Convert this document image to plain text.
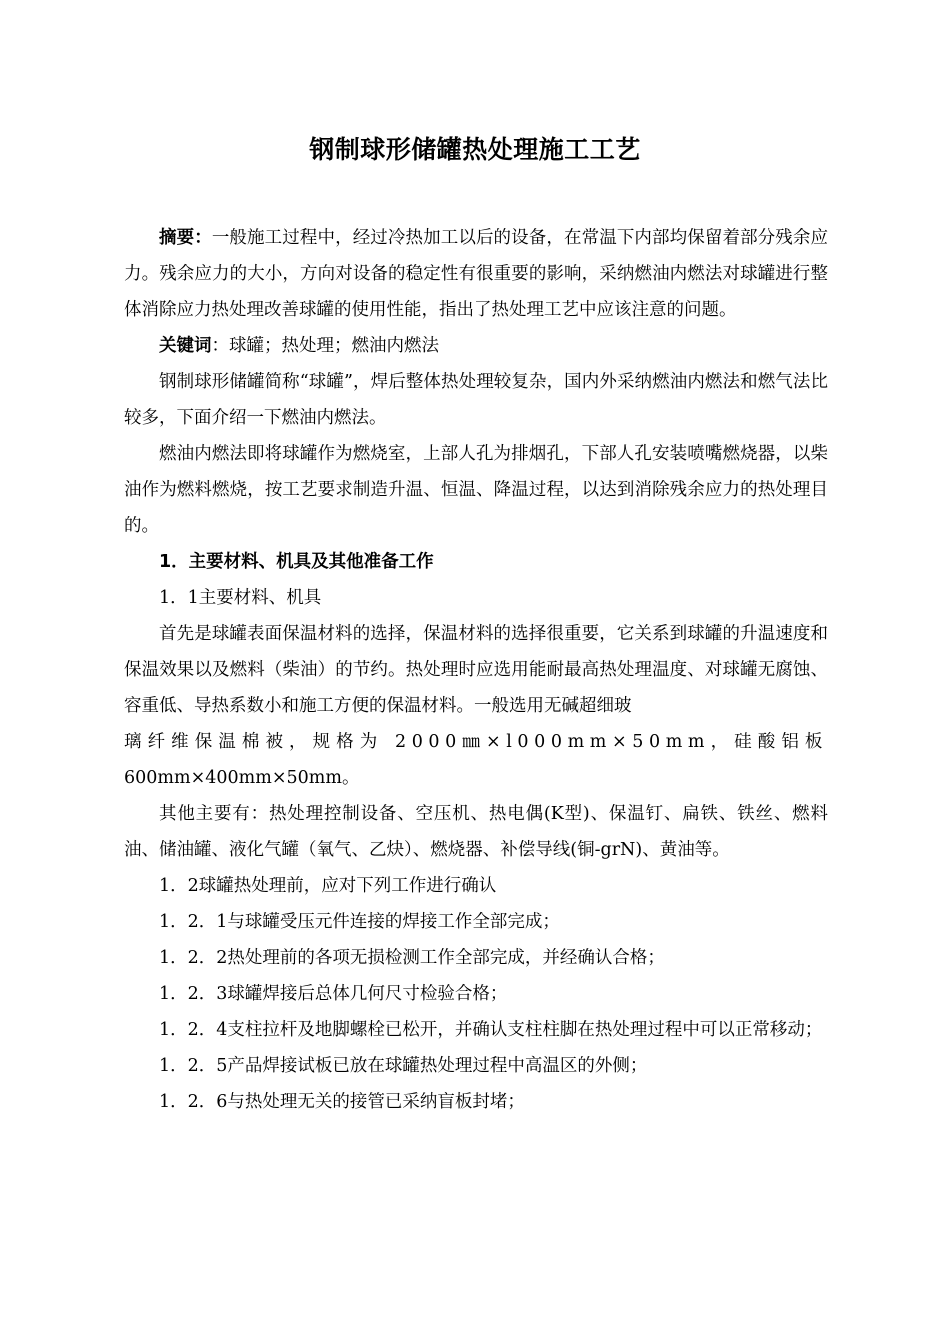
钢制球形储罐热处理施工工艺

摘要：一般施工过程中，经过冷热加工以后的设备，在常温下内部均保留着部分残余应力。残余应力的大小，方向对设备的稳定性有很重要的影响，采纳燃油内燃法对球罐进行整体消除应力热处理改善球罐的使用性能，指出了热处理工艺中应该注意的问题。

关键词：球罐；热处理；燃油内燃法

钢制球形储罐简称“球罐”，焊后整体热处理较复杂，国内外采纳燃油内燃法和燃气法比较多，下面介绍一下燃油内燃法。

燃油内燃法即将球罐作为燃烧室，上部人孔为排烟孔，下部人孔安装喷嘴燃烧器，以柴油作为燃料燃烧，按工艺要求制造升温、恒温、降温过程，以达到消除残余应力的热处理目的。

1．主要材料、机具及其他准备工作

1．1主要材料、机具

首先是球罐表面保温材料的选择，保温材料的选择很重要，它关系到球罐的升温速度和保温效果以及燃料（柴油）的节约。热处理时应选用能耐最高热处理温度、对球罐无腐蚀、容重低、导热系数小和施工方便的保温材料。一般选用无碱超细玻

璃纤维保温棉被，规格为 2000㎜×l000mm×50mm，硅酸铝板

600mm×400mm×50mm。

其他主要有：热处理控制设备、空压机、热电偶(K型)、保温钉、扁铁、铁丝、燃料油、储油罐、液化气罐（氧气、乙炔）、燃烧器、补偿导线(铜-grN)、黄油等。

1．2球罐热处理前，应对下列工作进行确认

1．2．1与球罐受压元件连接的焊接工作全部完成；

1．2．2热处理前的各项无损检测工作全部完成，并经确认合格；

1．2．3球罐焊接后总体几何尺寸检验合格；

1．2．4支柱拉杆及地脚螺栓已松开，并确认支柱柱脚在热处理过程中可以正常移动；

1．2．5产品焊接试板已放在球罐热处理过程中高温区的外侧；

1．2．6与热处理无关的接管已采纳盲板封堵；
